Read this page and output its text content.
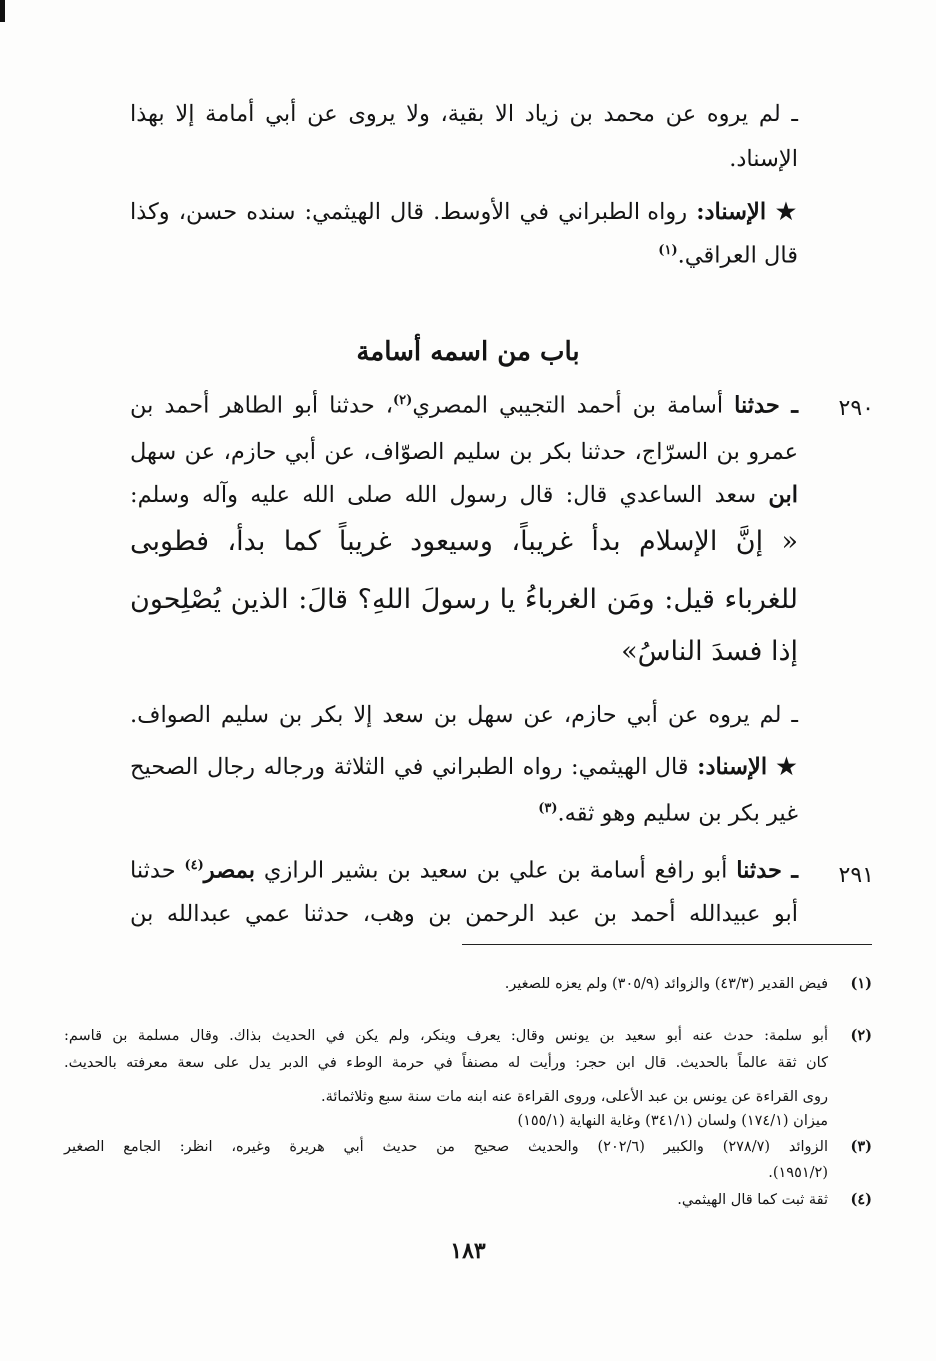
ـ لم يروه عن محمد بن زياد الا بقية، ولا يروى عن أبي أمامة إلا بهذا
الإسناد.
★ الإسناد: رواه الطبراني في الأوسط. قال الهيثمي: سنده حسن، وكذا
قال العراقي.$^{(١)}$
باب من اسمه أسامة
٢٩٠
ـ حدثنا أسامة بن أحمد التجيبي المصري$^{(٢)}$، حدثنا أبو الطاهر أحمد بن
عمرو بن السرّاج، حدثنا بكر بن سليم الصوّاف، عن أبي حازم، عن سهل
ابن سعد الساعدي قال: قال رسول الله صلى الله عليه وآله وسلم:
« إنَّ الإسلام بدأ غريباً، وسيعود غريباً كما بدأ، فطوبى
للغرباء قيل: ومَن الغرباءُ يا رسولَ اللهِ؟ قالَ: الذين يُصْلِحون
إذا فسدَ الناسُ»
ـ لم يروه عن أبي حازم، عن سهل بن سعد إلا بكر بن سليم الصواف.
★ الإسناد: قال الهيثمي: رواه الطبراني في الثلاثة ورجاله رجال الصحيح
غير بكر بن سليم وهو ثقه.$^{(٣)}$
٢٩١
ـ حدثنا أبو رافع أسامة بن علي بن سعيد بن بشير الرازي بمصر$^{(٤)}$ حدثنا
أبو عبيدالله أحمد بن عبد الرحمن بن وهب، حدثنا عمي عبدالله بن
(١)
فيض القدير (٤٣/٣) والزوائد (٣٠٥/٩) ولم يعزه للصغير.
(٢)
أبو سلمة: حدث عنه أبو سعيد بن يونس وقال: يعرف وينكر، ولم يكن في الحديث بذاك. وقال مسلمة بن قاسم:
كان ثقة عالماً بالحديث. قال ابن حجر: ورأيت له مصنفاً في حرمة الوطء في الدبر يدل على سعة معرفته بالحديث.
روى القراءة عن يونس بن عبد الأعلى، وروى القراءة عنه ابنه مات سنة سبع وثلاثمائة.
ميزان (١٧٤/١) ولسان (٣٤١/١) وغاية النهاية (١٥٥/١)
(٣)
الزوائد (٢٧٨/٧) والكبير (٢٠٢/٦) والحديث صحيح من حديث أبي هريرة وغيره، انظر: الجامع الصغير
(١٩٥١/٢).
(٤)
ثقة ثبت كما قال الهيثمي.
١٨٣
